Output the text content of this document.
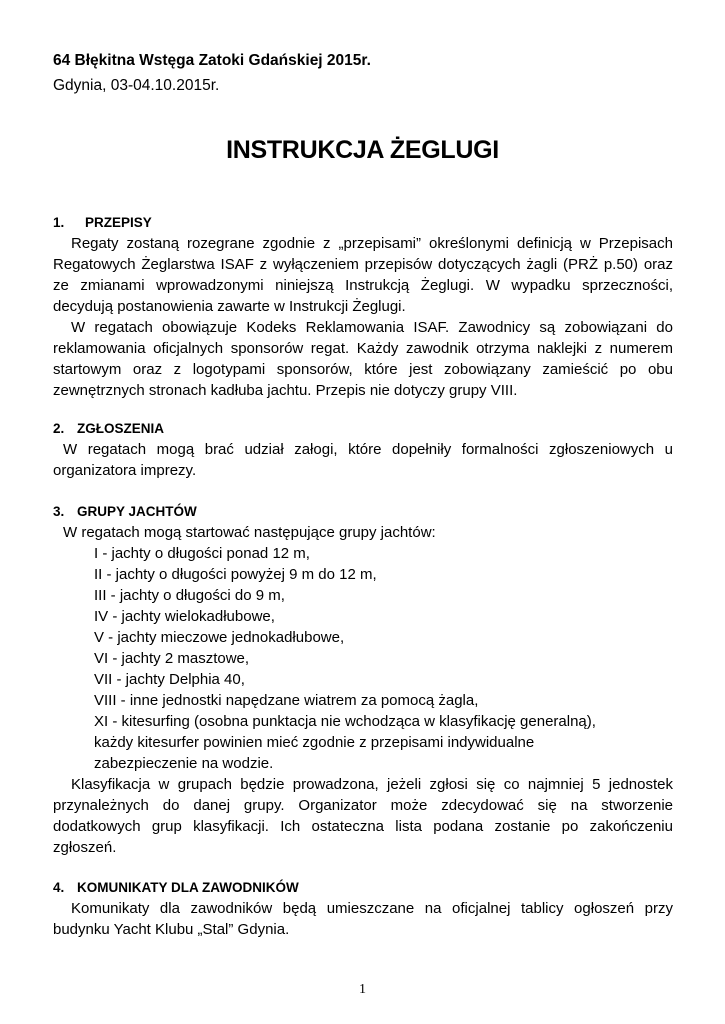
64 Błękitna Wstęga Zatoki Gdańskiej 2015r.
Gdynia, 03-04.10.2015r.
INSTRUKCJA ŻEGLUGI
1. PRZEPISY

Regaty zostaną rozegrane zgodnie z „przepisami” określonymi definicją w Przepisach Regatowych Żeglarstwa ISAF z wyłączeniem przepisów dotyczących żagli (PRŻ p.50) oraz ze zmianami wprowadzonymi niniejszą Instrukcją Żeglugi. W wypadku sprzeczności, decydują postanowienia zawarte w Instrukcji Żeglugi.

W regatach obowiązuje Kodeks Reklamowania ISAF. Zawodnicy są zobowiązani do reklamowania oficjalnych sponsorów regat. Każdy zawodnik otrzyma naklejki z numerem startowym oraz z logotypami sponsorów, które jest zobowiązany zamieścić po obu zewnętrznych stronach kadłuba jachtu. Przepis nie dotyczy grupy VIII.

2. ZGŁOSZENIA

W regatach mogą brać udział załogi, które dopełniły formalności zgłoszeniowych u organizatora imprezy.

3. GRUPY JACHTÓW

W regatach mogą startować następujące grupy jachtów:

I - jachty o długości ponad 12 m,
II - jachty o długości powyżej 9 m do 12 m,
III - jachty o długości do 9 m,
IV - jachty wielokadłubowe,
V - jachty mieczowe jednokadłubowe,
VI - jachty 2 masztowe,
VII - jachty Delphia 40,
VIII - inne jednostki napędzane wiatrem za pomocą żagla,
XI - kitesurfing (osobna punktacja nie wchodząca w klasyfikację generalną), każdy kitesurfer powinien mieć zgodnie z przepisami indywidualne zabezpieczenie na wodzie.

Klasyfikacja w grupach będzie prowadzona, jeżeli zgłosi się co najmniej 5 jednostek przynależnych do danej grupy. Organizator może zdecydować się na stworzenie dodatkowych grup klasyfikacji. Ich ostateczna lista podana zostanie po zakończeniu zgłoszeń.

4. KOMUNIKATY DLA ZAWODNIKÓW

Komunikaty dla zawodników będą umieszczane na oficjalnej tablicy ogłoszeń przy budynku Yacht Klubu „Stal” Gdynia.

1
